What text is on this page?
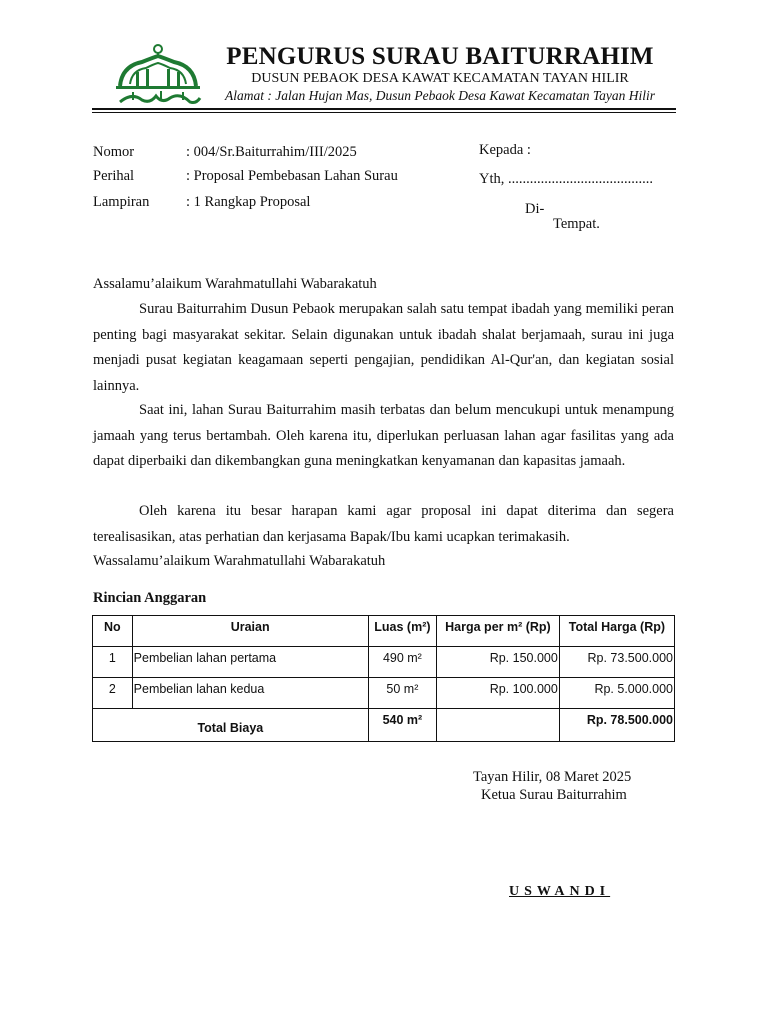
PENGURUS SURAU BAITURRAHIM
DUSUN PEBAOK DESA KAWAT KECAMATAN TAYAN HILIR
Alamat : Jalan Hujan Mas, Dusun Pebaok Desa Kawat Kecamatan Tayan Hilir
Nomor	: 004/Sr.Baiturrahim/III/2025
Perihal	: Proposal Pembebasan Lahan Surau
Lampiran	: 1 Rangkap Proposal
Kepada :
Yth, ........................................
Di-
Tempat.
Assalamu’alaikum Warahmatullahi Wabarakatuh
Surau Baiturrahim Dusun Pebaok merupakan salah satu tempat ibadah yang memiliki peran penting bagi masyarakat sekitar. Selain digunakan untuk ibadah shalat berjamaah, surau ini juga menjadi pusat kegiatan keagamaan seperti pengajian, pendidikan Al-Qur'an, dan kegiatan sosial lainnya.
Saat ini, lahan Surau Baiturrahim masih terbatas dan belum mencukupi untuk menampung jamaah yang terus bertambah. Oleh karena itu, diperlukan perluasan lahan agar fasilitas yang ada dapat diperbaiki dan dikembangkan guna meningkatkan kenyamanan dan kapasitas jamaah.
Oleh karena itu besar harapan kami agar proposal ini dapat diterima dan segera terealisasikan, atas perhatian dan kerjasama Bapak/Ibu kami ucapkan terimakasih.
Wassalamu’alaikum Warahmatullahi Wabarakatuh
Rincian Anggaran
No	Uraian	Luas (m²)	Harga per m² (Rp)	Total Harga (Rp)
1	Pembelian lahan pertama	490 m²	Rp. 150.000	Rp. 73.500.000
2	Pembelian lahan kedua	50 m²	Rp. 100.000	Rp. 5.000.000
Total Biaya		540 m²		Rp. 78.500.000
Tayan Hilir, 08 Maret 2025
Ketua Surau Baiturrahim
USWANDI
